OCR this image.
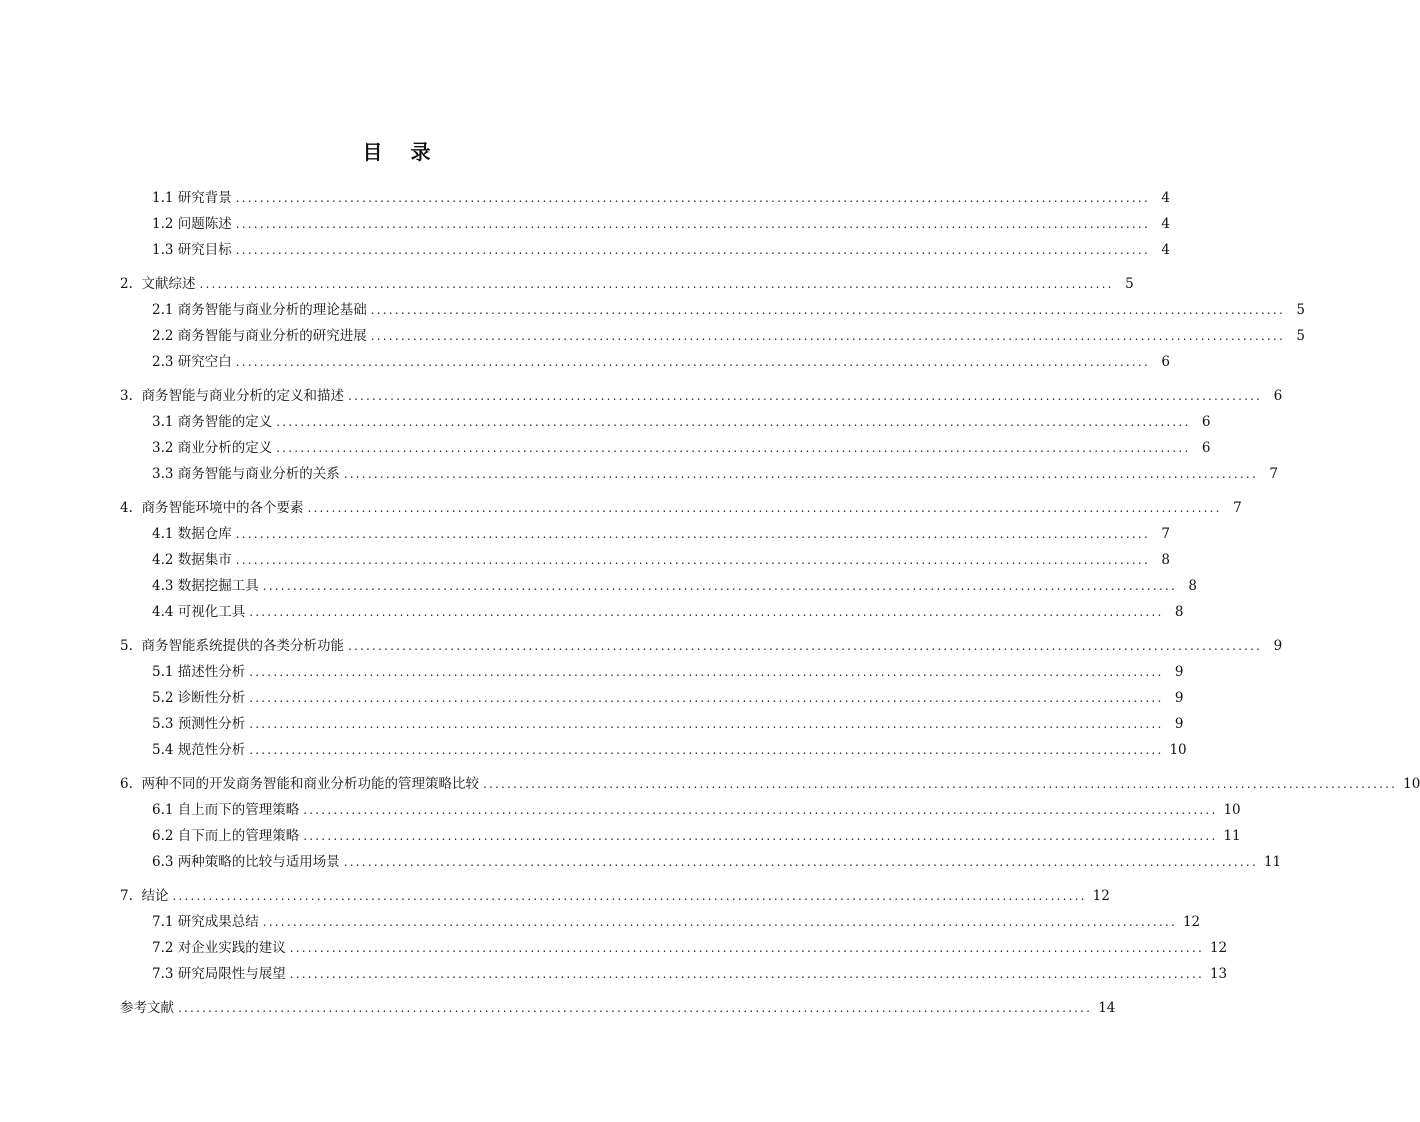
目 录
1.1 研究背景 ........................................................................................................................................................ 4
1.2 问题陈述 ........................................................................................................................................................ 4
1.3 研究目标 ........................................................................................................................................................ 4
2. 文献综述 ........................................................................................................................................................ 5
2.1 商务智能与商业分析的理论基础 ........................................................................................................................................................ 5
2.2 商务智能与商业分析的研究进展 ........................................................................................................................................................ 5
2.3 研究空白 ........................................................................................................................................................ 6
3. 商务智能与商业分析的定义和描述 ........................................................................................................................................................ 6
3.1 商务智能的定义 ........................................................................................................................................................ 6
3.2 商业分析的定义 ........................................................................................................................................................ 6
3.3 商务智能与商业分析的关系 ........................................................................................................................................................ 7
4. 商务智能环境中的各个要素 ........................................................................................................................................................ 7
4.1 数据仓库 ........................................................................................................................................................ 7
4.2 数据集市 ........................................................................................................................................................ 8
4.3 数据挖掘工具 ........................................................................................................................................................ 8
4.4 可视化工具 ........................................................................................................................................................ 8
5. 商务智能系统提供的各类分析功能 ........................................................................................................................................................ 9
5.1 描述性分析 ........................................................................................................................................................ 9
5.2 诊断性分析 ........................................................................................................................................................ 9
5.3 预测性分析 ........................................................................................................................................................ 9
5.4 规范性分析 ........................................................................................................................................................ 10
6. 两种不同的开发商务智能和商业分析功能的管理策略比较 ........................................................................................................................................................ 10
6.1 自上而下的管理策略 ........................................................................................................................................................ 10
6.2 自下而上的管理策略 ........................................................................................................................................................ 11
6.3 两种策略的比较与适用场景 ........................................................................................................................................................ 11
7. 结论 ........................................................................................................................................................ 12
7.1 研究成果总结 ........................................................................................................................................................ 12
7.2 对企业实践的建议 ........................................................................................................................................................ 12
7.3 研究局限性与展望 ........................................................................................................................................................ 13
参考文献 ........................................................................................................................................................ 14
